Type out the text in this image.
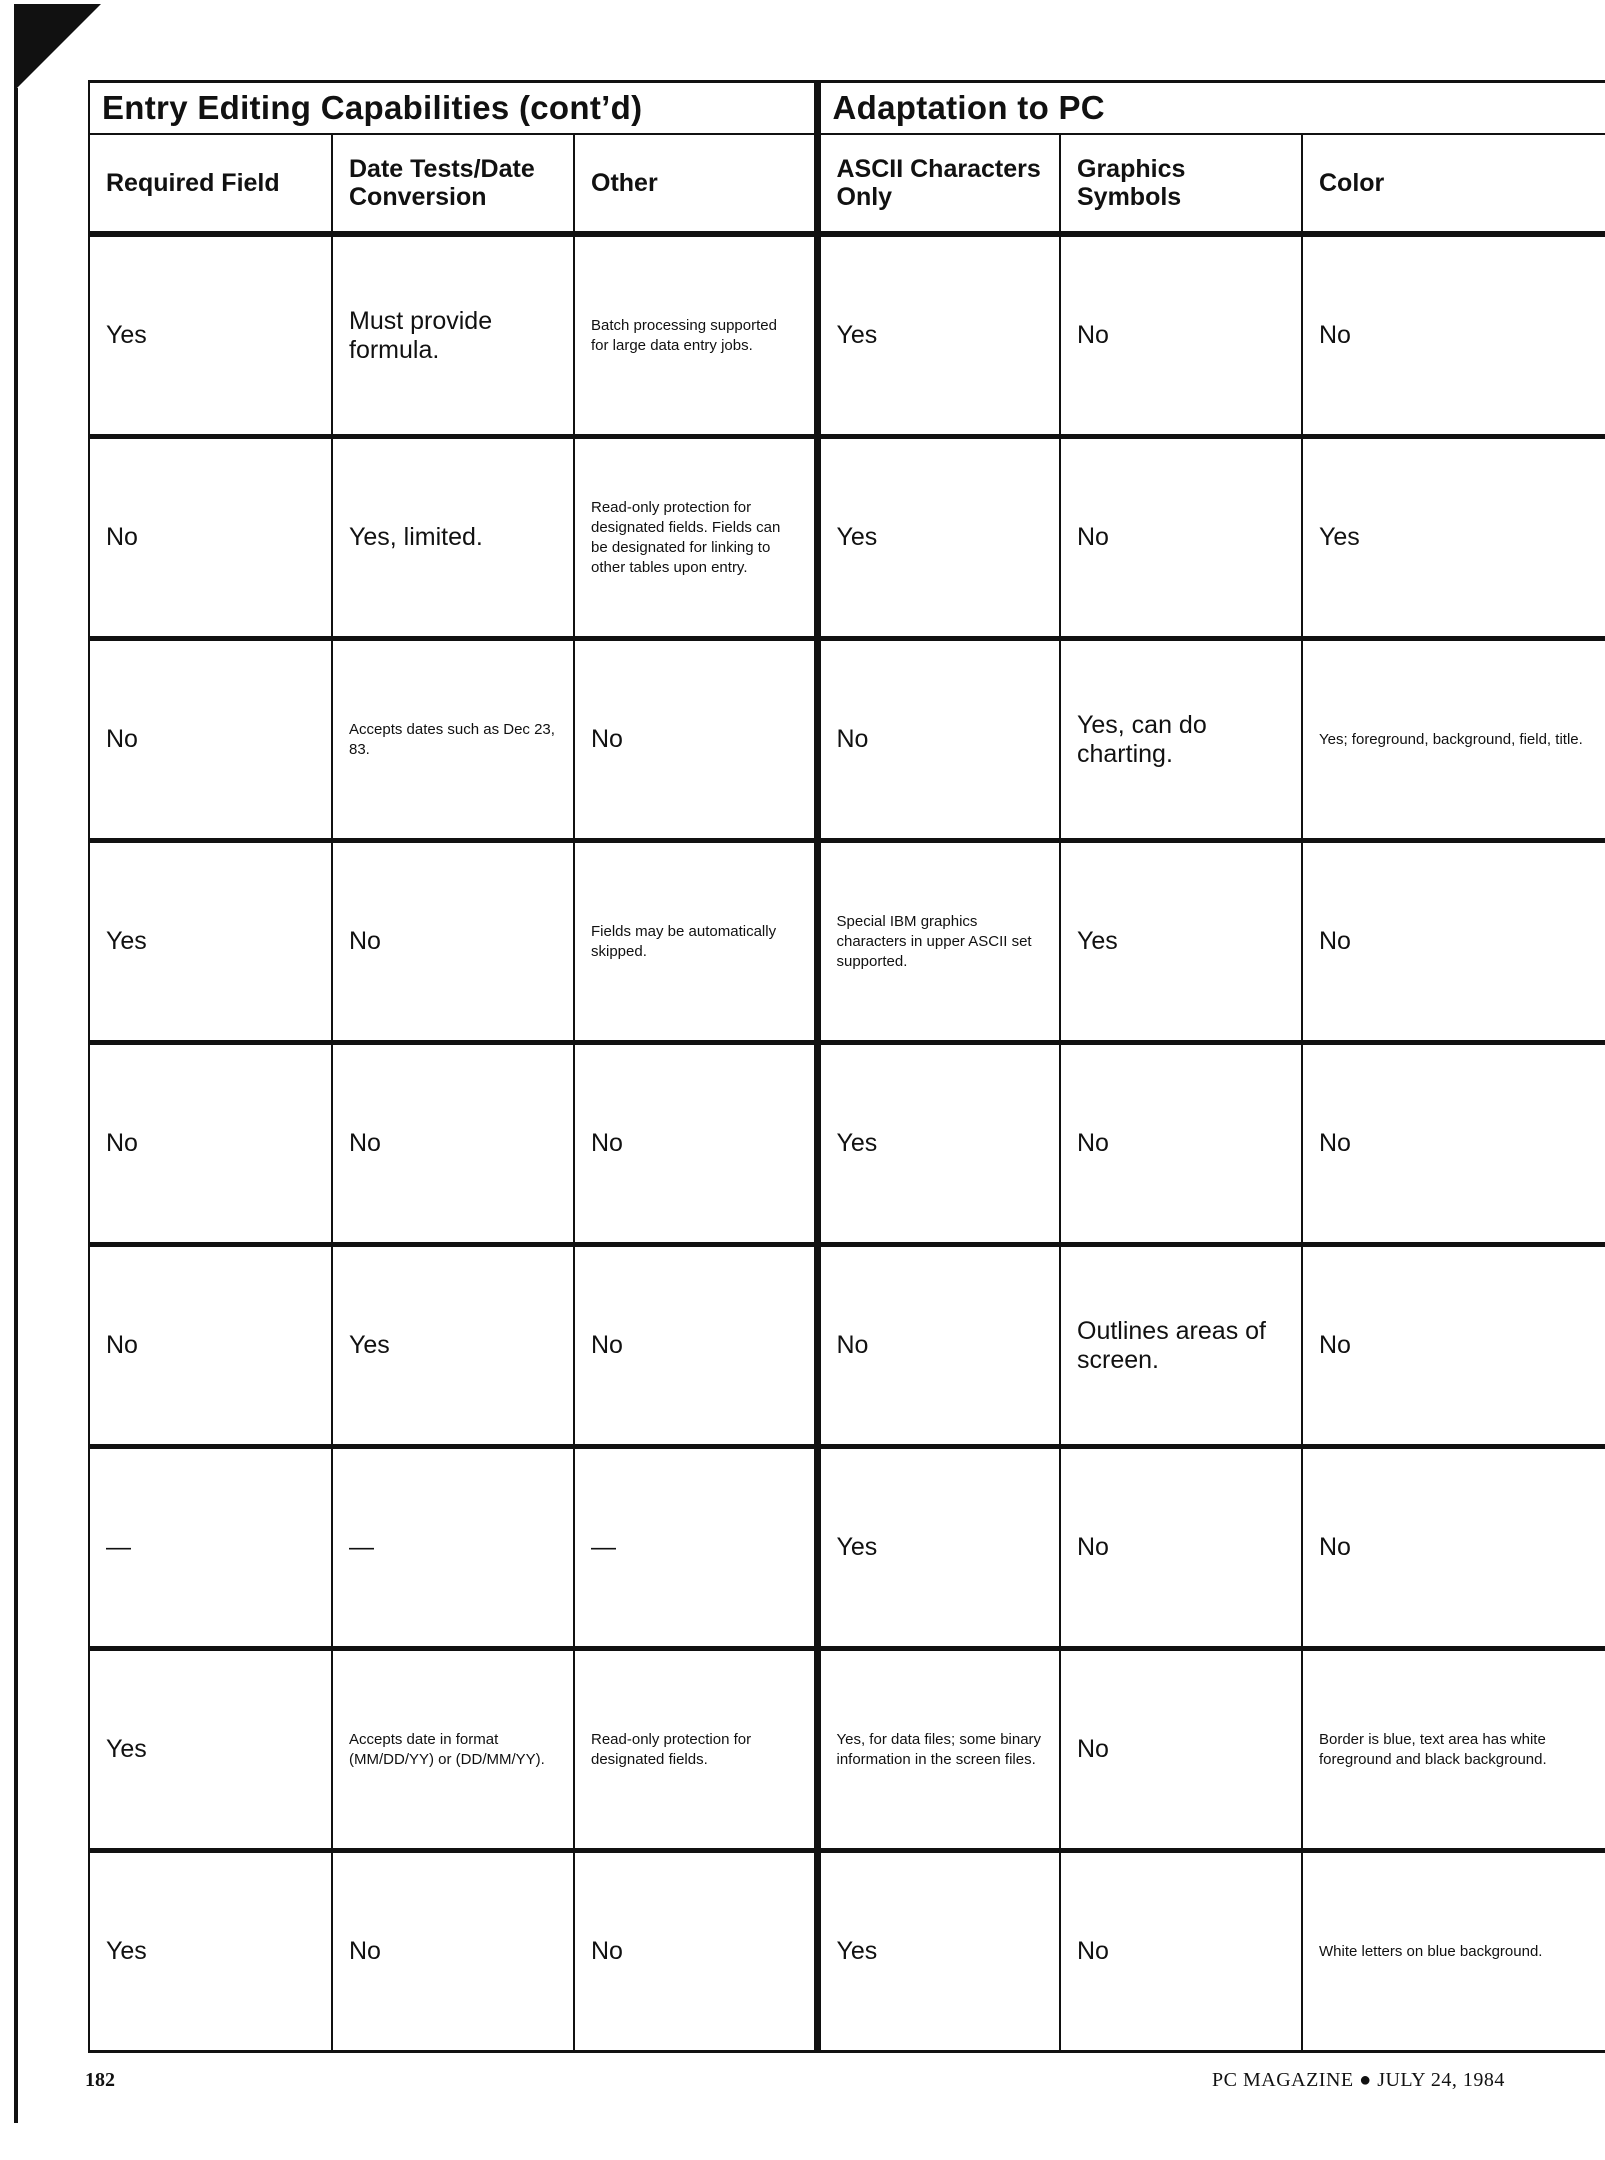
Entry Editing Capabilities (cont’d)			Adaptation to PC		
Required Field	Date Tests/Date Conversion	Other	ASCII Characters Only	Graphics Symbols	Color
Yes	Must provide formula.	Batch processing supported for large data entry jobs.	Yes	No	No
No	Yes, limited.	Read-only protection for designated fields. Fields can be designated for linking to other tables upon entry.	Yes	No	Yes
No	Accepts dates such as Dec 23, 83.	No	No	Yes, can do charting.	Yes; foreground, background, field, title.
Yes	No	Fields may be automatically skipped.	Special IBM graphics characters in upper ASCII set supported.	Yes	No
No	No	No	Yes	No	No
No	Yes	No	No	Outlines areas of screen.	No
—	—	—	Yes	No	No
Yes	Accepts date in format (MM/DD/YY) or (DD/MM/YY).	Read-only protection for designated fields.	Yes, for data files; some binary information in the screen files.	No	Border is blue, text area has white foreground and black background.
Yes	No	No	Yes	No	White letters on blue background.
182	PC MAGAZINE ● JULY 24, 1984
